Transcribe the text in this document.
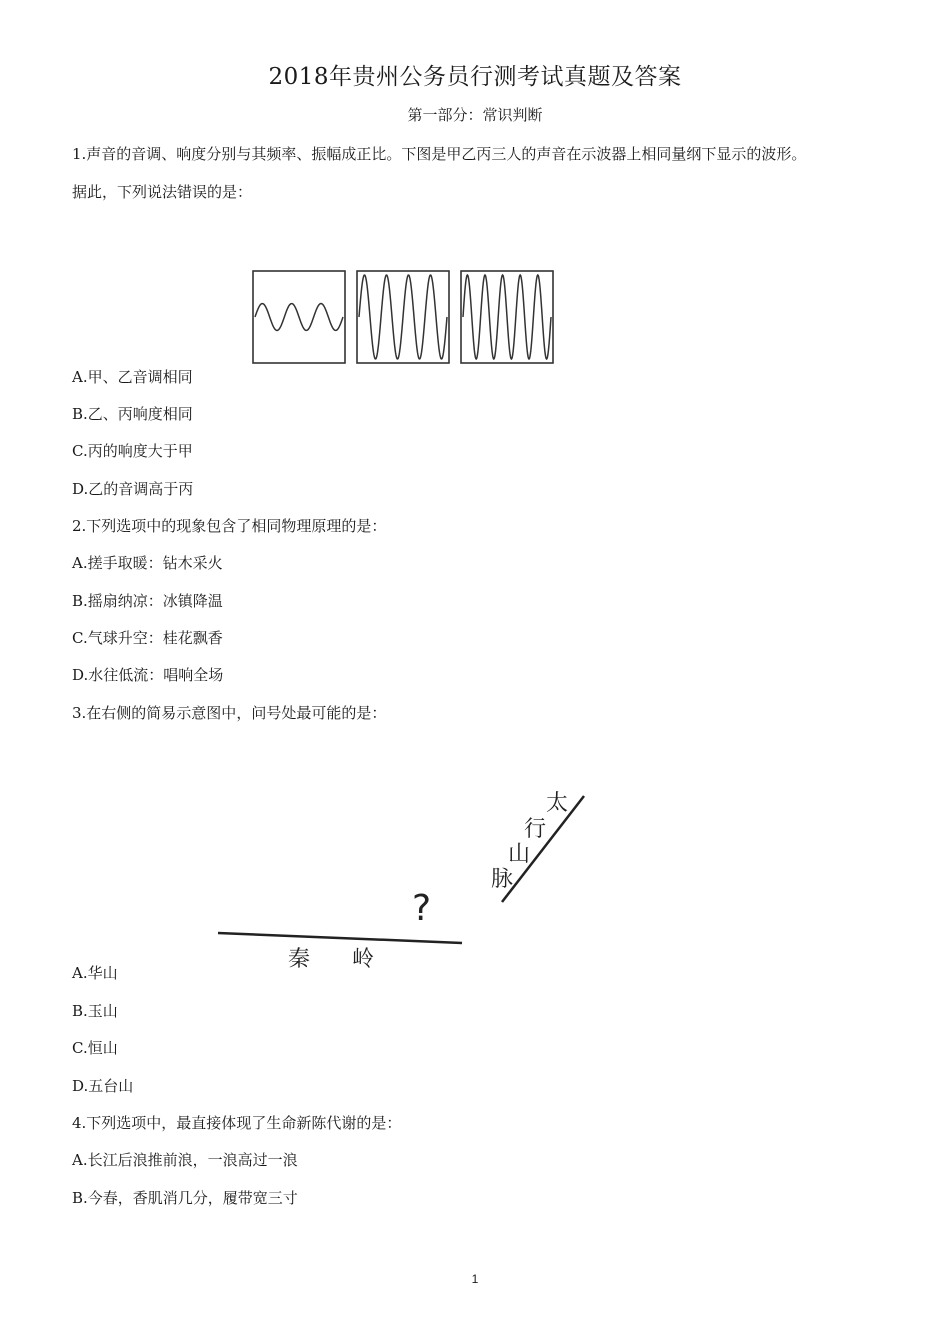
2018年贵州公务员行测考试真题及答案
第一部分：常识判断
1.声音的音调、响度分别与其频率、振幅成正比。下图是甲乙丙三人的声音在示波器上相同量纲下显示的波形。
据此，下列说法错误的是：
A.甲、乙音调相同
B.乙、丙响度相同
C.丙的响度大于甲
D.乙的音调高于丙
2.下列选项中的现象包含了相同物理原理的是：
A.搓手取暖：钻木采火
B.摇扇纳凉：冰镇降温
C.气球升空：桂花飘香
D.水往低流：唱响全场
3.在右侧的简易示意图中，问号处最可能的是：
太
行
山
脉
?
秦 岭
A.华山
B.玉山
C.恒山
D.五台山
4.下列选项中，最直接体现了生命新陈代谢的是：
A.长江后浪推前浪，一浪高过一浪
B.今春，香肌消几分，履带宽三寸
1
